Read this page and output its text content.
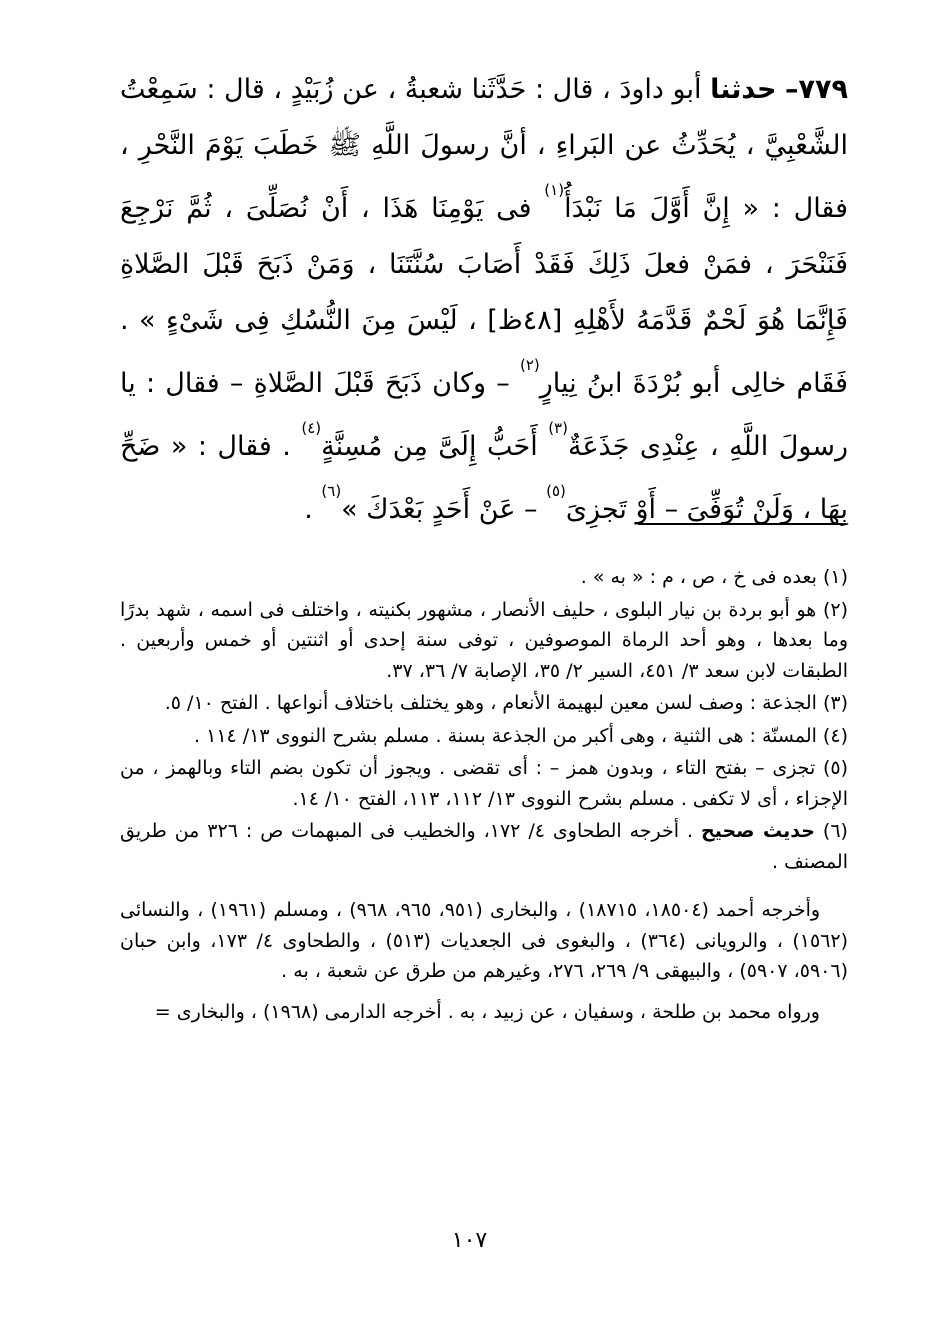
٧٧٩– حدثنا أبو داودَ ، قال : حَدَّثَنا شعبةُ ، عن زُبَيْدٍ ، قال : سَمِعْتُ الشَّعْبِيَّ ، يُحَدِّثُ عن البَراءِ ، أنَّ رسولَ اللَّهِ ﷺ خَطَبَ يَوْمَ النَّحْرِ ، فقال : « إِنَّ أَوَّلَ مَا نَبْدَأُ$^{(١)}$ فى يَوْمِنَا هَذَا ، أَنْ نُصَلِّىَ ، ثُمَّ نَرْجِعَ فَنَنْحَرَ ، فمَنْ فعلَ ذَلِكَ فَقَدْ أَصَابَ سُنَّتَنَا ، وَمَنْ ذَبَحَ قَبْلَ الصَّلاةِ فَإِنَّمَا هُوَ لَحْمٌ قَدَّمَهُ لأَهْلِهِ [٤٨ظ] ، لَيْسَ مِنَ النُّسُكِ فِى شَىْءٍ » . فَقَام خالِى أبو بُرْدَةَ ابنُ نِيارٍ$^{(٢)}$ – وكان ذَبَحَ قَبْلَ الصَّلاةِ – فقال : يا رسولَ اللَّهِ ، عِنْدِى جَذَعَةٌ$^{(٣)}$ أَحَبُّ إِلَىَّ مِن مُسِنَّةٍ$^{(٤)}$ . فقال : « ضَحِّ بِهَا ، وَلَنْ تُوَفِّىَ – أَوْ تَجزِىَ$^{(٥)}$ – عَنْ أَحَدٍ بَعْدَكَ »$^{(٦)}$ .
(١) بعده فى خ ، ص ، م : « به » .
(٢) هو أبو بردة بن نيار البلوى ، حليف الأنصار ، مشهور بكنيته ، واختلف فى اسمه ، شهد بدرًا وما بعدها ، وهو أحد الرماة الموصوفين ، توفى سنة إحدى أو اثنتين أو خمس وأربعين . الطبقات لابن سعد ٣/ ٤٥١، السير ٢/ ٣٥، الإصابة ٧/ ٣٦، ٣٧.
(٣) الجذعة : وصف لسن معين لبهيمة الأنعام ، وهو يختلف باختلاف أنواعها . الفتح ١٠/ ٥.
(٤) المسنّة : هى الثنية ، وهى أكبر من الجذعة بسنة . مسلم بشرح النووى ١٣/ ١١٤ .
(٥) تجزى – بفتح التاء ، وبدون همز – : أى تقضى . ويجوز أن تكون بضم التاء وبالهمز ، من الإجزاء ، أى لا تكفى . مسلم بشرح النووى ١٣/ ١١٢، ١١٣، الفتح ١٠/ ١٤.
(٦) حديث صحيح . أخرجه الطحاوى ٤/ ١٧٢، والخطيب فى المبهمات ص : ٣٢٦ من طريق المصنف .
وأخرجه أحمد (١٨٥٠٤، ١٨٧١٥) ، والبخارى (٩٥١، ٩٦٥، ٩٦٨) ، ومسلم (١٩٦١) ، والنسائى (١٥٦٢) ، والرويانى (٣٦٤) ، والبغوى فى الجعديات (٥١٣) ، والطحاوى ٤/ ١٧٣، وابن حبان (٥٩٠٦، ٥٩٠٧) ، والبيهقى ٩/ ٢٦٩، ٢٧٦، وغيرهم من طرق عن شعبة ، به .
ورواه محمد بن طلحة ، وسفيان ، عن زبيد ، به . أخرجه الدارمى (١٩٦٨) ، والبخارى =
١٠٧
